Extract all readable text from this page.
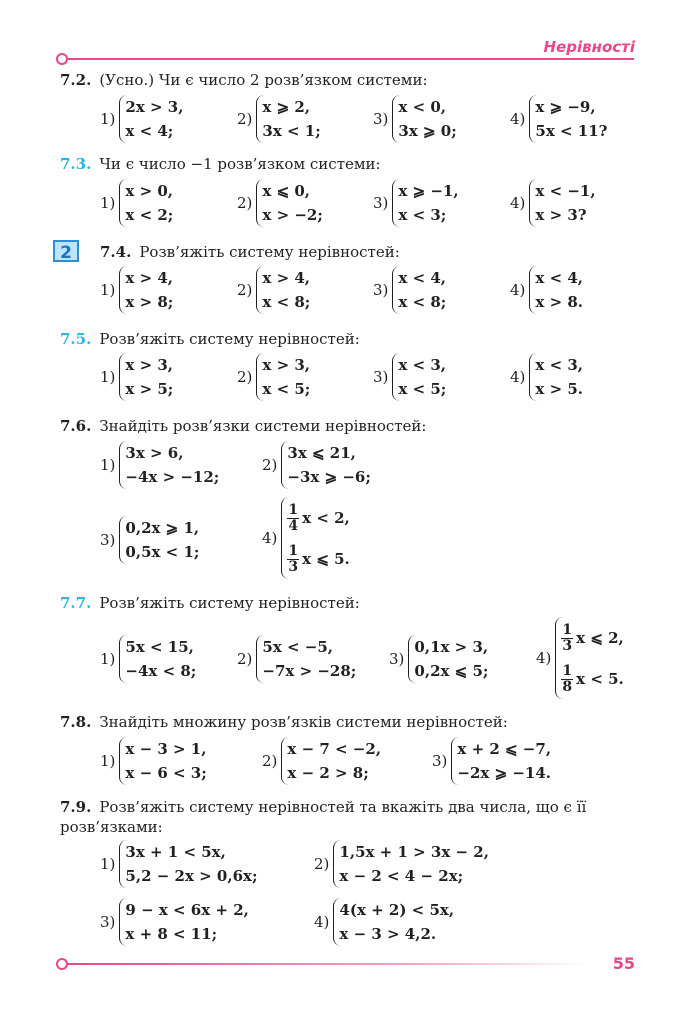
Нерівності
55
7.2. (Усно.) Чи є число 2 розв’язком системи:
1)
2x > 3,
x < 4;
2)
x ⩾ 2,
3x < 1;
3)
x < 0,
3x ⩾ 0;
4)
x ⩾ −9,
5x < 11?
7.3. Чи є число −1 розв’язком системи:
1)
x > 0,
x < 2;
2)
x ⩽ 0,
x > −2;
3)
x ⩾ −1,
x < 3;
4)
x < −1,
x > 3?
2	7.4. Розв’яжіть систему нерівностей:
1)
x > 4,
x > 8;
2)
x > 4,
x < 8;
3)
x < 4,
x < 8;
4)
x < 4,
x > 8.
7.5. Розв’яжіть систему нерівностей:
1)
x > 3,
x > 5;
2)
x > 3,
x < 5;
3)
x < 3,
x < 5;
4)
x < 3,
x > 5.
7.6. Знайдіть розв’язки системи нерівностей:
1)
3x > 6,
−4x > −12;
2)
3x ⩽ 21,
−3x ⩾ −6;
3)
0,2x ⩾ 1,
0,5x < 1;
4)
$\frac{1}{4}$ x < 2,
$\frac{1}{3}$ x ⩽ 5.
7.7. Розв’яжіть систему нерівностей:
1)
5x < 15,
−4x < 8;
2)
5x < −5,
−7x > −28;
3)
0,1x > 3,
0,2x ⩽ 5;
4)
$\frac{1}{3}$ x ⩽ 2,
$\frac{1}{8}$ x < 5.
7.8. Знайдіть множину розв’язків системи нерівностей:
1)
x − 3 > 1,
x − 6 < 3;
2)
x − 7 < −2,
x − 2 > 8;
3)
x + 2 ⩽ −7,
−2x ⩾ −14.
7.9. Розв’яжіть систему нерівностей та вкажіть два числа, що є її розв’язками:
1)
3x + 1 < 5x,
5,2 − 2x > 0,6x;
2)
1,5x + 1 > 3x − 2,
x − 2 < 4 − 2x;
3)
9 − x < 6x + 2,
x + 8 < 11;
4)
4(x + 2) < 5x,
x − 3 > 4,2.
